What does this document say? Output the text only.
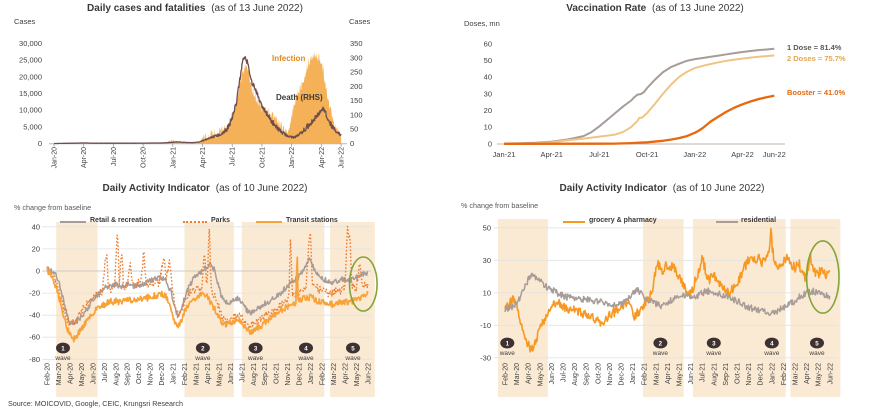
30,000
25,000
20,000
15,000
10,000
5,000
0
350
300
250
200
150
100
50
0
Jan-20	Apr-20	Jul-20	Oct-20	Jan-21	Apr-21	Jul-21	Oct-21	Jan-22	Apr-22 Jun-22
60
50
40
30
20
10
0
Jan-21	Apr-21	Jul-21	Oct-21	Jan-22	Apr-22 Jun-22
40
20
0
-20
-40
-60
-80
Feb-20 Mar-20 Apr-20 May-20 Jun-20 Jul-20 Aug-20 Sep-20 Oct-20 Nov-20 Dec-20 Jan-21 Feb-21 Mar-21 Apr-21 May-21 Jun-21 Jul-21 Aug-21 Sep-21 Oct-21 Nov-21 Dec-21 Jan-22 Feb-22 Mar-22 Apr-22 May-22 Jun-22
1
wave
2
wave
3
wave
4
wave
5
wave
50
30
10
-10
-30
Feb-20 Mar-20 Apr-20 May-20 Jun-20 Jul-20 Aug-20 Sep-20 Oct-20 Nov-20 Dec-20 Jan-21 Feb-21 Mar-21 Apr-21 May-21 Jun-21 Jul-21 Aug-21 Sep-21 Oct-21 Nov-21 Dec-21 Jan-22 Feb-22 Mar-22 Apr-22 May-22 Jun-22
1
wave
2
wave
3
wave
4
wave
5
wave
Daily cases and fatalities (as of 13 June 2022)
Cases	Cases
Infection
Death (RHS)
Vaccination Rate (as of 13 June 2022)
Doses, mn
1 Dose = 81.4%
2 Doses = 75.7%
Booster = 41.0%
Daily Activity Indicator (as of 10 June 2022)
% change from baseline
Retail & recreation	Parks	Transit stations
Daily Activity Indicator (as of 10 June 2022)
% change from baseline
grocery & pharmacy	residential
Source: MOICOVID, Google, CEIC, Krungsri Research
